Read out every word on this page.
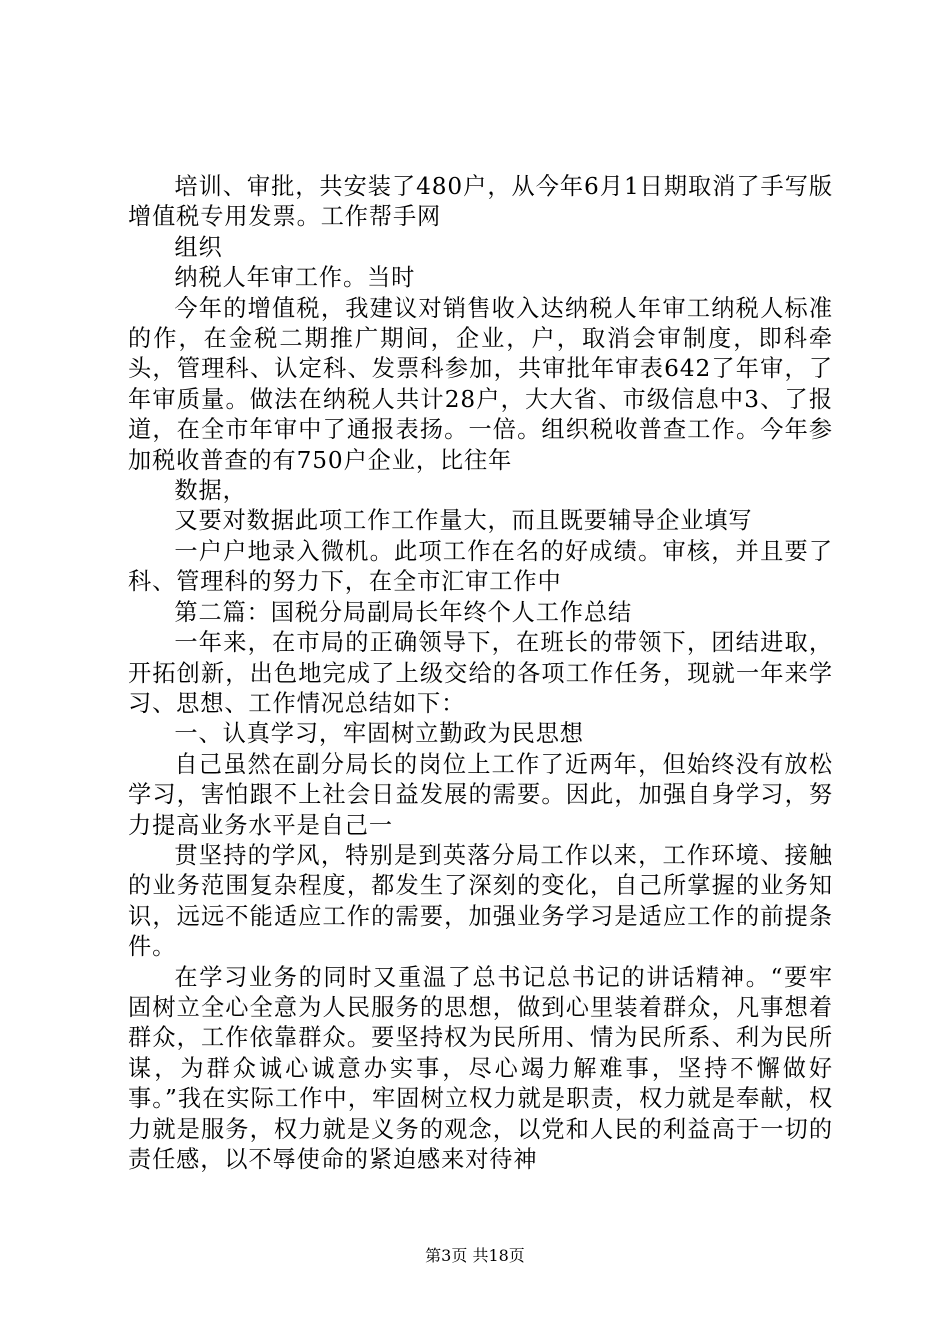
培训、审批，共安装了480户，从今年6月1日期取消了手写版增值税专用发票。工作帮手网

组织

纳税人年审工作。当时

今年的增值税，我建议对销售收入达纳税人年审工纳税人标准的作，在金税二期推广期间，企业，户，取消会审制度，即科牵头，管理科、认定科、发票科参加，共审批年审表642了年审，了年审质量。做法在纳税人共计28户，大大省、市级信息中3、了报道，在全市年审中了通报表扬。一倍。组织税收普查工作。今年参加税收普查的有750户企业，比往年

数据，

又要对数据此项工作工作量大，而且既要辅导企业填写

一户户地录入微机。此项工作在名的好成绩。审核，并且要了科、管理科的努力下，在全市汇审工作中

第二篇：国税分局副局长年终个人工作总结

一年来，在市局的正确领导下，在班长的带领下，团结进取，开拓创新，出色地完成了上级交给的各项工作任务，现就一年来学习、思想、工作情况总结如下：

一、认真学习，牢固树立勤政为民思想

自己虽然在副分局长的岗位上工作了近两年，但始终没有放松学习，害怕跟不上社会日益发展的需要。因此，加强自身学习，努力提高业务水平是自己一

贯坚持的学风，特别是到英落分局工作以来，工作环境、接触的业务范围复杂程度，都发生了深刻的变化，自己所掌握的业务知识，远远不能适应工作的需要，加强业务学习是适应工作的前提条件。

在学习业务的同时又重温了总书记总书记的讲话精神。“要牢固树立全心全意为人民服务的思想，做到心里装着群众，凡事想着群众，工作依靠群众。要坚持权为民所用、情为民所系、利为民所谋，为群众诚心诚意办实事，尽心竭力解难事，坚持不懈做好事。”我在实际工作中，牢固树立权力就是职责，权力就是奉献，权力就是服务，权力就是义务的观念，以党和人民的利益高于一切的责任感，以不辱使命的紧迫感来对待神

第3页 共18页
